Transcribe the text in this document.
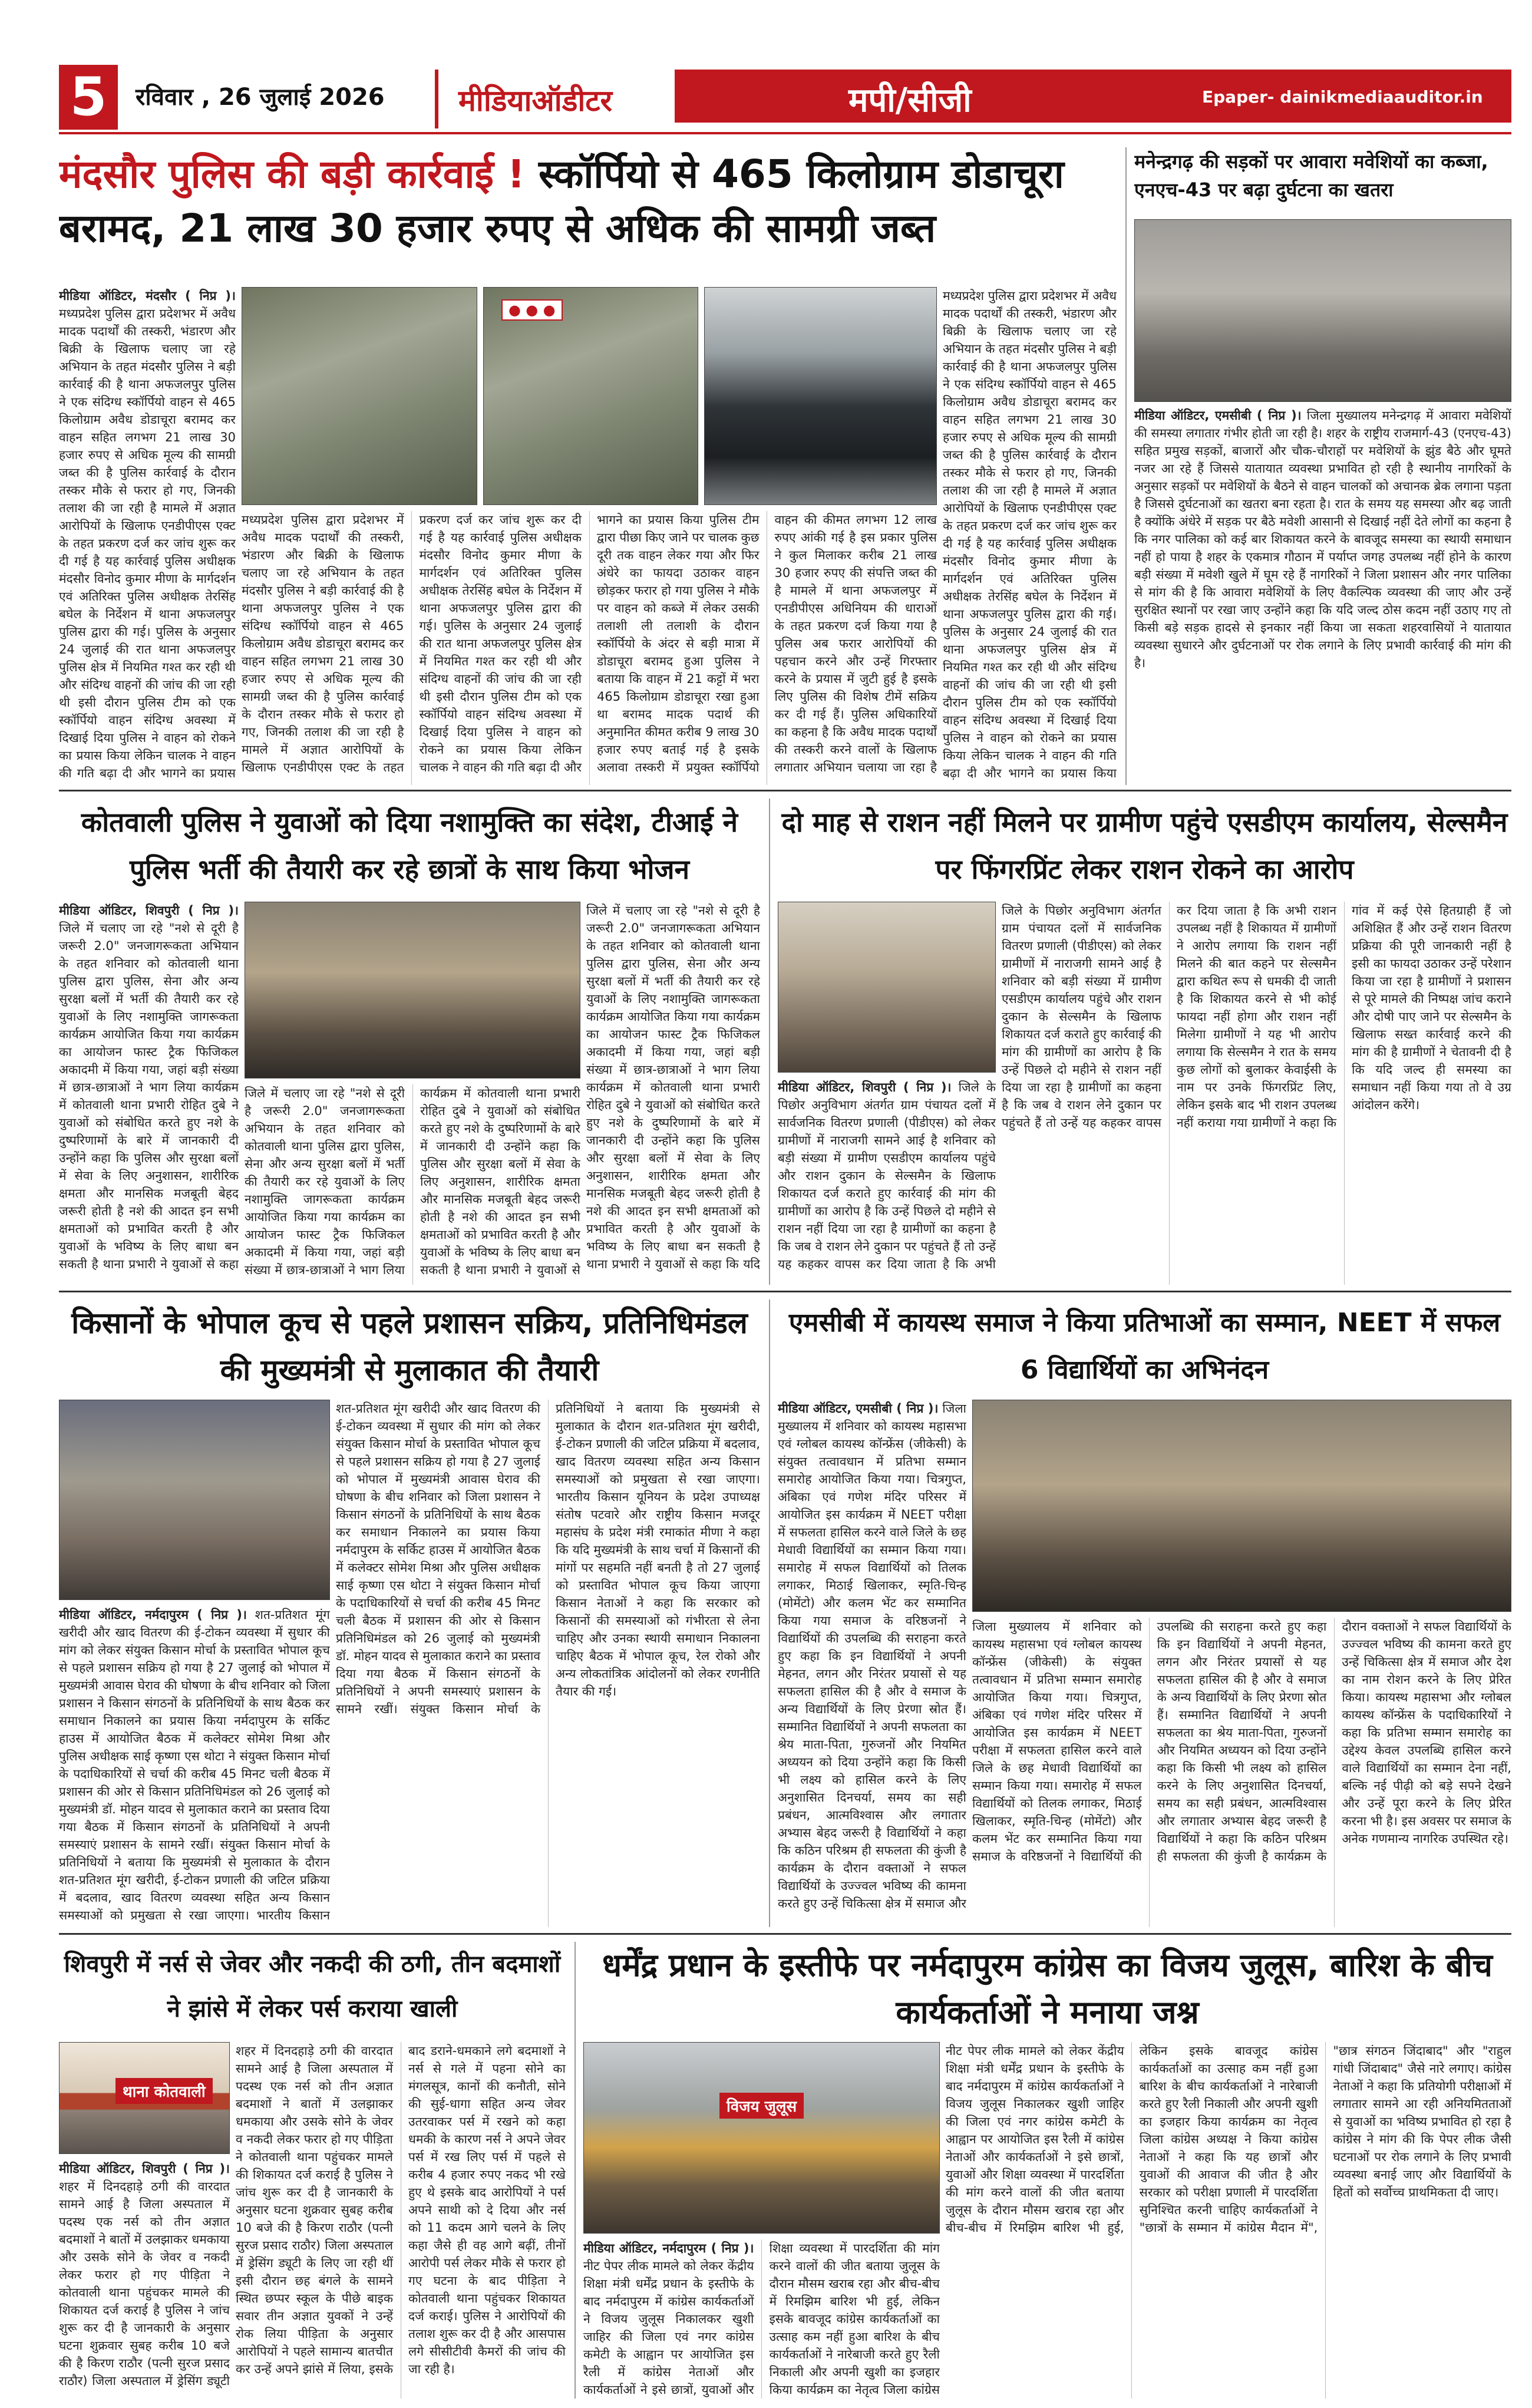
5	रविवार , 26 जुलाई 2026	मीडियाऑडीटर	मपी/सीजी	Epaper- dainikmediaauditor.in
मंदसौर पुलिस की बड़ी कार्रवाई ! स्कॉर्पियो से 465 किलोग्राम डोडाचूरा बरामद, 21 लाख 30 हजार रुपए से अधिक की सामग्री जब्त
● ● ●
मीडिया ऑडिटर, मंदसौर ( निप्र )। मध्यप्रदेश पुलिस द्वारा प्रदेशभर में अवैध मादक पदार्थों की तस्करी, भंडारण और बिक्री के खिलाफ चलाए जा रहे अभियान के तहत मंदसौर पुलिस ने बड़ी कार्रवाई की है थाना अफजलपुर पुलिस ने एक संदिग्ध स्कॉर्पियो वाहन से 465 किलोग्राम अवैध डोडाचूरा बरामद कर वाहन सहित लगभग 21 लाख 30 हजार रुपए से अधिक मूल्य की सामग्री जब्त की है पुलिस कार्रवाई के दौरान तस्कर मौके से फरार हो गए, जिनकी तलाश की जा रही है मामले में अज्ञात आरोपियों के खिलाफ एनडीपीएस एक्ट के तहत प्रकरण दर्ज कर जांच शुरू कर दी गई है यह कार्रवाई पुलिस अधीक्षक मंदसौर विनोद कुमार मीणा के मार्गदर्शन एवं अतिरिक्त पुलिस अधीक्षक तेरसिंह बघेल के निर्देशन में थाना अफजलपुर पुलिस द्वारा की गई। पुलिस के अनुसार 24 जुलाई की रात थाना अफजलपुर पुलिस क्षेत्र में नियमित गश्त कर रही थी और संदिग्ध वाहनों की जांच की जा रही थी इसी दौरान पुलिस टीम को एक स्कॉर्पियो वाहन संदिग्ध अवस्था में दिखाई दिया पुलिस ने वाहन को रोकने का प्रयास किया लेकिन चालक ने वाहन की गति बढ़ा दी और भागने का प्रयास
मध्यप्रदेश पुलिस द्वारा प्रदेशभर में अवैध मादक पदार्थों की तस्करी, भंडारण और बिक्री के खिलाफ चलाए जा रहे अभियान के तहत मंदसौर पुलिस ने बड़ी कार्रवाई की है थाना अफजलपुर पुलिस ने एक संदिग्ध स्कॉर्पियो वाहन से 465 किलोग्राम अवैध डोडाचूरा बरामद कर वाहन सहित लगभग 21 लाख 30 हजार रुपए से अधिक मूल्य की सामग्री जब्त की है पुलिस कार्रवाई के दौरान तस्कर मौके से फरार हो गए, जिनकी तलाश की जा रही है मामले में अज्ञात आरोपियों के खिलाफ एनडीपीएस एक्ट के तहत प्रकरण दर्ज कर जांच शुरू कर दी गई है यह कार्रवाई पुलिस अधीक्षक मंदसौर विनोद कुमार मीणा के मार्गदर्शन एवं अतिरिक्त पुलिस अधीक्षक तेरसिंह बघेल के निर्देशन में थाना अफजलपुर पुलिस द्वारा की गई। पुलिस के अनुसार 24 जुलाई की रात थाना अफजलपुर पुलिस क्षेत्र में नियमित गश्त कर रही थी और संदिग्ध वाहनों की जांच की जा रही थी इसी दौरान पुलिस टीम को एक स्कॉर्पियो वाहन संदिग्ध अवस्था में दिखाई दिया पुलिस ने वाहन को रोकने का प्रयास किया लेकिन चालक ने वाहन की गति बढ़ा दी और भागने का प्रयास किया पुलिस टीम द्वारा पीछा किए जाने पर चालक कुछ दूरी तक वाहन लेकर गया और फिर अंधेरे का फायदा उठाकर वाहन छोड़कर फरार हो गया पुलिस ने मौके पर वाहन को कब्जे में लेकर उसकी तलाशी ली तलाशी के दौरान स्कॉर्पियो के अंदर से बड़ी मात्रा में डोडाचूरा बरामद हुआ पुलिस ने बताया कि वाहन में 21 कट्टों में भरा 465 किलोग्राम डोडाचूरा रखा हुआ था बरामद मादक पदार्थ की अनुमानित कीमत करीब 9 लाख 30 हजार रुपए बताई गई है इसके अलावा तस्करी में प्रयुक्त स्कॉर्पियो वाहन की कीमत लगभग 12 लाख रुपए आंकी गई है इस प्रकार पुलिस ने कुल मिलाकर करीब 21 लाख 30 हजार रुपए की संपत्ति जब्त की है मामले में थाना अफजलपुर में एनडीपीएस अधिनियम की धाराओं के तहत प्रकरण दर्ज किया गया है पुलिस अब फरार आरोपियों की पहचान करने और उन्हें गिरफ्तार करने के प्रयास में जुटी हुई है इसके लिए पुलिस की विशेष टीमें सक्रिय कर दी गई हैं। पुलिस अधिकारियों का कहना है कि अवैध मादक पदार्थों की तस्करी करने वालों के खिलाफ लगातार अभियान चलाया जा रहा है
मध्यप्रदेश पुलिस द्वारा प्रदेशभर में अवैध मादक पदार्थों की तस्करी, भंडारण और बिक्री के खिलाफ चलाए जा रहे अभियान के तहत मंदसौर पुलिस ने बड़ी कार्रवाई की है थाना अफजलपुर पुलिस ने एक संदिग्ध स्कॉर्पियो वाहन से 465 किलोग्राम अवैध डोडाचूरा बरामद कर वाहन सहित लगभग 21 लाख 30 हजार रुपए से अधिक मूल्य की सामग्री जब्त की है पुलिस कार्रवाई के दौरान तस्कर मौके से फरार हो गए, जिनकी तलाश की जा रही है मामले में अज्ञात आरोपियों के खिलाफ एनडीपीएस एक्ट के तहत प्रकरण दर्ज कर जांच शुरू कर दी गई है यह कार्रवाई पुलिस अधीक्षक मंदसौर विनोद कुमार मीणा के मार्गदर्शन एवं अतिरिक्त पुलिस अधीक्षक तेरसिंह बघेल के निर्देशन में थाना अफजलपुर पुलिस द्वारा की गई। पुलिस के अनुसार 24 जुलाई की रात थाना अफजलपुर पुलिस क्षेत्र में नियमित गश्त कर रही थी और संदिग्ध वाहनों की जांच की जा रही थी इसी दौरान पुलिस टीम को एक स्कॉर्पियो वाहन संदिग्ध अवस्था में दिखाई दिया पुलिस ने वाहन को रोकने का प्रयास किया लेकिन चालक ने वाहन की गति बढ़ा दी और भागने का प्रयास किया
मनेन्द्रगढ़ की सड़कों पर आवारा मवेशियों का कब्जा, एनएच-43 पर बढ़ा दुर्घटना का खतरा
मीडिया ऑडिटर, एमसीबी ( निप्र )। जिला मुख्यालय मनेन्द्रगढ़ में आवारा मवेशियों की समस्या लगातार गंभीर होती जा रही है। शहर के राष्ट्रीय राजमार्ग-43 (एनएच-43) सहित प्रमुख सड़कों, बाजारों और चौक-चौराहों पर मवेशियों के झुंड बैठे और घूमते नजर आ रहे हैं जिससे यातायात व्यवस्था प्रभावित हो रही है स्थानीय नागरिकों के अनुसार सड़कों पर मवेशियों के बैठने से वाहन चालकों को अचानक ब्रेक लगाना पड़ता है जिससे दुर्घटनाओं का खतरा बना रहता है। रात के समय यह समस्या और बढ़ जाती है क्योंकि अंधेरे में सड़क पर बैठे मवेशी आसानी से दिखाई नहीं देते लोगों का कहना है कि नगर पालिका को कई बार शिकायत करने के बावजूद समस्या का स्थायी समाधान नहीं हो पाया है शहर के एकमात्र गौठान में पर्याप्त जगह उपलब्ध नहीं होने के कारण बड़ी संख्या में मवेशी खुले में घूम रहे हैं नागरिकों ने जिला प्रशासन और नगर पालिका से मांग की है कि आवारा मवेशियों के लिए वैकल्पिक व्यवस्था की जाए और उन्हें सुरक्षित स्थानों पर रखा जाए उन्होंने कहा कि यदि जल्द ठोस कदम नहीं उठाए गए तो किसी बड़े सड़क हादसे से इनकार नहीं किया जा सकता शहरवासियों ने यातायात व्यवस्था सुधारने और दुर्घटनाओं पर रोक लगाने के लिए प्रभावी कार्रवाई की मांग की है।
कोतवाली पुलिस ने युवाओं को दिया नशामुक्ति का संदेश, टीआई ने पुलिस भर्ती की तैयारी कर रहे छात्रों के साथ किया भोजन
मीडिया ऑडिटर, शिवपुरी ( निप्र )। जिले में चलाए जा रहे "नशे से दूरी है जरूरी 2.0" जनजागरूकता अभियान के तहत शनिवार को कोतवाली थाना पुलिस द्वारा पुलिस, सेना और अन्य सुरक्षा बलों में भर्ती की तैयारी कर रहे युवाओं के लिए नशामुक्ति जागरूकता कार्यक्रम आयोजित किया गया कार्यक्रम का आयोजन फास्ट ट्रैक फिजिकल अकादमी में किया गया, जहां बड़ी संख्या में छात्र-छात्राओं ने भाग लिया कार्यक्रम में कोतवाली थाना प्रभारी रोहित दुबे ने युवाओं को संबोधित करते हुए नशे के दुष्परिणामों के बारे में जानकारी दी उन्होंने कहा कि पुलिस और सुरक्षा बलों में सेवा के लिए अनुशासन, शारीरिक क्षमता और मानसिक मजबूती बेहद जरूरी होती है नशे की आदत इन सभी क्षमताओं को प्रभावित करती है और युवाओं के भविष्य के लिए बाधा बन सकती है थाना प्रभारी ने युवाओं से कहा
जिले में चलाए जा रहे "नशे से दूरी है जरूरी 2.0" जनजागरूकता अभियान के तहत शनिवार को कोतवाली थाना पुलिस द्वारा पुलिस, सेना और अन्य सुरक्षा बलों में भर्ती की तैयारी कर रहे युवाओं के लिए नशामुक्ति जागरूकता कार्यक्रम आयोजित किया गया कार्यक्रम का आयोजन फास्ट ट्रैक फिजिकल अकादमी में किया गया, जहां बड़ी संख्या में छात्र-छात्राओं ने भाग लिया कार्यक्रम में कोतवाली थाना प्रभारी रोहित दुबे ने युवाओं को संबोधित करते हुए नशे के दुष्परिणामों के बारे में जानकारी दी उन्होंने कहा कि पुलिस और सुरक्षा बलों में सेवा के लिए अनुशासन, शारीरिक क्षमता और मानसिक मजबूती बेहद जरूरी होती है नशे की आदत इन सभी क्षमताओं को प्रभावित करती है और युवाओं के भविष्य के लिए बाधा बन सकती है थाना प्रभारी ने युवाओं से
जिले में चलाए जा रहे "नशे से दूरी है जरूरी 2.0" जनजागरूकता अभियान के तहत शनिवार को कोतवाली थाना पुलिस द्वारा पुलिस, सेना और अन्य सुरक्षा बलों में भर्ती की तैयारी कर रहे युवाओं के लिए नशामुक्ति जागरूकता कार्यक्रम आयोजित किया गया कार्यक्रम का आयोजन फास्ट ट्रैक फिजिकल अकादमी में किया गया, जहां बड़ी संख्या में छात्र-छात्राओं ने भाग लिया कार्यक्रम में कोतवाली थाना प्रभारी रोहित दुबे ने युवाओं को संबोधित करते हुए नशे के दुष्परिणामों के बारे में जानकारी दी उन्होंने कहा कि पुलिस और सुरक्षा बलों में सेवा के लिए अनुशासन, शारीरिक क्षमता और मानसिक मजबूती बेहद जरूरी होती है नशे की आदत इन सभी क्षमताओं को प्रभावित करती है और युवाओं के भविष्य के लिए बाधा बन सकती है थाना प्रभारी ने युवाओं से कहा कि यदि
दो माह से राशन नहीं मिलने पर ग्रामीण पहुंचे एसडीएम कार्यालय, सेल्समैन पर फिंगरप्रिंट लेकर राशन रोकने का आरोप
मीडिया ऑडिटर, शिवपुरी ( निप्र )। जिले के पिछोर अनुविभाग अंतर्गत ग्राम पंचायत दलों में सार्वजनिक वितरण प्रणाली (पीडीएस) को लेकर ग्रामीणों में नाराजगी सामने आई है शनिवार को बड़ी संख्या में ग्रामीण एसडीएम कार्यालय पहुंचे और राशन दुकान के सेल्समैन के खिलाफ शिकायत दर्ज कराते हुए कार्रवाई की मांग की ग्रामीणों का आरोप है कि उन्हें पिछले दो महीने से राशन नहीं दिया जा रहा है ग्रामीणों का कहना है कि जब वे राशन लेने दुकान पर पहुंचते हैं तो उन्हें यह कहकर वापस कर दिया जाता है कि अभी
जिले के पिछोर अनुविभाग अंतर्गत ग्राम पंचायत दलों में सार्वजनिक वितरण प्रणाली (पीडीएस) को लेकर ग्रामीणों में नाराजगी सामने आई है शनिवार को बड़ी संख्या में ग्रामीण एसडीएम कार्यालय पहुंचे और राशन दुकान के सेल्समैन के खिलाफ शिकायत दर्ज कराते हुए कार्रवाई की मांग की ग्रामीणों का आरोप है कि उन्हें पिछले दो महीने से राशन नहीं दिया जा रहा है ग्रामीणों का कहना है कि जब वे राशन लेने दुकान पर पहुंचते हैं तो उन्हें यह कहकर वापस कर दिया जाता है कि अभी राशन उपलब्ध नहीं है शिकायत में ग्रामीणों ने आरोप लगाया कि राशन नहीं मिलने की बात कहने पर सेल्समैन द्वारा कथित रूप से धमकी दी जाती है कि शिकायत करने से भी कोई फायदा नहीं होगा और राशन नहीं मिलेगा ग्रामीणों ने यह भी आरोप लगाया कि सेल्समैन ने रात के समय कुछ लोगों को बुलाकर केवाईसी के नाम पर उनके फिंगरप्रिंट लिए, लेकिन इसके बाद भी राशन उपलब्ध नहीं कराया गया ग्रामीणों ने कहा कि गांव में कई ऐसे हितग्राही हैं जो अशिक्षित हैं और उन्हें राशन वितरण प्रक्रिया की पूरी जानकारी नहीं है इसी का फायदा उठाकर उन्हें परेशान किया जा रहा है ग्रामीणों ने प्रशासन से पूरे मामले की निष्पक्ष जांच कराने और दोषी पाए जाने पर सेल्समैन के खिलाफ सख्त कार्रवाई करने की मांग की है ग्रामीणों ने चेतावनी दी है कि यदि जल्द ही समस्या का समाधान नहीं किया गया तो वे उग्र आंदोलन करेंगे।
किसानों के भोपाल कूच से पहले प्रशासन सक्रिय, प्रतिनिधिमंडल की मुख्यमंत्री से मुलाकात की तैयारी
मीडिया ऑडिटर, नर्मदापुरम ( निप्र )। शत-प्रतिशत मूंग खरीदी और खाद वितरण की ई-टोकन व्यवस्था में सुधार की मांग को लेकर संयुक्त किसान मोर्चा के प्रस्तावित भोपाल कूच से पहले प्रशासन सक्रिय हो गया है 27 जुलाई को भोपाल में मुख्यमंत्री आवास घेराव की घोषणा के बीच शनिवार को जिला प्रशासन ने किसान संगठनों के प्रतिनिधियों के साथ बैठक कर समाधान निकालने का प्रयास किया नर्मदापुरम के सर्किट हाउस में आयोजित बैठक में कलेक्टर सोमेश मिश्रा और पुलिस अधीक्षक साई कृष्णा एस थोटा ने संयुक्त किसान मोर्चा के पदाधिकारियों से चर्चा की करीब 45 मिनट चली बैठक में प्रशासन की ओर से किसान प्रतिनिधिमंडल को 26 जुलाई को मुख्यमंत्री डॉ. मोहन यादव से मुलाकात कराने का प्रस्ताव दिया गया बैठक में किसान संगठनों के प्रतिनिधियों ने अपनी समस्याएं प्रशासन के सामने रखीं। संयुक्त किसान मोर्चा के प्रतिनिधियों ने बताया कि मुख्यमंत्री से मुलाकात के दौरान शत-प्रतिशत मूंग खरीदी, ई-टोकन प्रणाली की जटिल प्रक्रिया में बदलाव, खाद वितरण व्यवस्था सहित अन्य किसान समस्याओं को प्रमुखता से रखा जाएगा। भारतीय किसान
शत-प्रतिशत मूंग खरीदी और खाद वितरण की ई-टोकन व्यवस्था में सुधार की मांग को लेकर संयुक्त किसान मोर्चा के प्रस्तावित भोपाल कूच से पहले प्रशासन सक्रिय हो गया है 27 जुलाई को भोपाल में मुख्यमंत्री आवास घेराव की घोषणा के बीच शनिवार को जिला प्रशासन ने किसान संगठनों के प्रतिनिधियों के साथ बैठक कर समाधान निकालने का प्रयास किया नर्मदापुरम के सर्किट हाउस में आयोजित बैठक में कलेक्टर सोमेश मिश्रा और पुलिस अधीक्षक साई कृष्णा एस थोटा ने संयुक्त किसान मोर्चा के पदाधिकारियों से चर्चा की करीब 45 मिनट चली बैठक में प्रशासन की ओर से किसान प्रतिनिधिमंडल को 26 जुलाई को मुख्यमंत्री डॉ. मोहन यादव से मुलाकात कराने का प्रस्ताव दिया गया बैठक में किसान संगठनों के प्रतिनिधियों ने अपनी समस्याएं प्रशासन के सामने रखीं। संयुक्त किसान मोर्चा के प्रतिनिधियों ने बताया कि मुख्यमंत्री से मुलाकात के दौरान शत-प्रतिशत मूंग खरीदी, ई-टोकन प्रणाली की जटिल प्रक्रिया में बदलाव, खाद वितरण व्यवस्था सहित अन्य किसान समस्याओं को प्रमुखता से रखा जाएगा। भारतीय किसान यूनियन के प्रदेश उपाध्यक्ष संतोष पटवारे और राष्ट्रीय किसान मजदूर महासंघ के प्रदेश मंत्री रमाकांत मीणा ने कहा कि यदि मुख्यमंत्री के साथ चर्चा में किसानों की मांगों पर सहमति नहीं बनती है तो 27 जुलाई को प्रस्तावित भोपाल कूच किया जाएगा किसान नेताओं ने कहा कि सरकार को किसानों की समस्याओं को गंभीरता से लेना चाहिए और उनका स्थायी समाधान निकालना चाहिए बैठक में भोपाल कूच, रेल रोको और अन्य लोकतांत्रिक आंदोलनों को लेकर रणनीति तैयार की गई।
एमसीबी में कायस्थ समाज ने किया प्रतिभाओं का सम्मान, NEET में सफल 6 विद्यार्थियों का अभिनंदन
मीडिया ऑडिटर, एमसीबी ( निप्र )। जिला मुख्यालय में शनिवार को कायस्थ महासभा एवं ग्लोबल कायस्थ कॉन्फ्रेंस (जीकेसी) के संयुक्त तत्वावधान में प्रतिभा सम्मान समारोह आयोजित किया गया। चित्रगुप्त, अंबिका एवं गणेश मंदिर परिसर में आयोजित इस कार्यक्रम में NEET परीक्षा में सफलता हासिल करने वाले जिले के छह मेधावी विद्यार्थियों का सम्मान किया गया। समारोह में सफल विद्यार्थियों को तिलक लगाकर, मिठाई खिलाकर, स्मृति-चिन्ह (मोमेंटो) और कलम भेंट कर सम्मानित किया गया समाज के वरिष्ठजनों ने विद्यार्थियों की उपलब्धि की सराहना करते हुए कहा कि इन विद्यार्थियों ने अपनी मेहनत, लगन और निरंतर प्रयासों से यह सफलता हासिल की है और वे समाज के अन्य विद्यार्थियों के लिए प्रेरणा स्रोत हैं। सम्मानित विद्यार्थियों ने अपनी सफलता का श्रेय माता-पिता, गुरुजनों और नियमित अध्ययन को दिया उन्होंने कहा कि किसी भी लक्ष्य को हासिल करने के लिए अनुशासित दिनचर्या, समय का सही प्रबंधन, आत्मविश्वास और लगातार अभ्यास बेहद जरूरी है विद्यार्थियों ने कहा कि कठिन परिश्रम ही सफलता की कुंजी है कार्यक्रम के दौरान वक्ताओं ने सफल विद्यार्थियों के उज्ज्वल भविष्य की कामना करते हुए उन्हें चिकित्सा क्षेत्र में समाज और
जिला मुख्यालय में शनिवार को कायस्थ महासभा एवं ग्लोबल कायस्थ कॉन्फ्रेंस (जीकेसी) के संयुक्त तत्वावधान में प्रतिभा सम्मान समारोह आयोजित किया गया। चित्रगुप्त, अंबिका एवं गणेश मंदिर परिसर में आयोजित इस कार्यक्रम में NEET परीक्षा में सफलता हासिल करने वाले जिले के छह मेधावी विद्यार्थियों का सम्मान किया गया। समारोह में सफल विद्यार्थियों को तिलक लगाकर, मिठाई खिलाकर, स्मृति-चिन्ह (मोमेंटो) और कलम भेंट कर सम्मानित किया गया समाज के वरिष्ठजनों ने विद्यार्थियों की उपलब्धि की सराहना करते हुए कहा कि इन विद्यार्थियों ने अपनी मेहनत, लगन और निरंतर प्रयासों से यह सफलता हासिल की है और वे समाज के अन्य विद्यार्थियों के लिए प्रेरणा स्रोत हैं। सम्मानित विद्यार्थियों ने अपनी सफलता का श्रेय माता-पिता, गुरुजनों और नियमित अध्ययन को दिया उन्होंने कहा कि किसी भी लक्ष्य को हासिल करने के लिए अनुशासित दिनचर्या, समय का सही प्रबंधन, आत्मविश्वास और लगातार अभ्यास बेहद जरूरी है विद्यार्थियों ने कहा कि कठिन परिश्रम ही सफलता की कुंजी है कार्यक्रम के दौरान वक्ताओं ने सफल विद्यार्थियों के उज्ज्वल भविष्य की कामना करते हुए उन्हें चिकित्सा क्षेत्र में समाज और देश का नाम रोशन करने के लिए प्रेरित किया। कायस्थ महासभा और ग्लोबल कायस्थ कॉन्फ्रेंस के पदाधिकारियों ने कहा कि प्रतिभा सम्मान समारोह का उद्देश्य केवल उपलब्धि हासिल करने वाले विद्यार्थियों का सम्मान देना नहीं, बल्कि नई पीढ़ी को बड़े सपने देखने और उन्हें पूरा करने के लिए प्रेरित करना भी है। इस अवसर पर समाज के अनेक गणमान्य नागरिक उपस्थित रहे।
शिवपुरी में नर्स से जेवर और नकदी की ठगी, तीन बदमाशों ने झांसे में लेकर पर्स कराया खाली
थाना कोतवाली
मीडिया ऑडिटर, शिवपुरी ( निप्र )। शहर में दिनदहाड़े ठगी की वारदात सामने आई है जिला अस्पताल में पदस्थ एक नर्स को तीन अज्ञात बदमाशों ने बातों में उलझाकर धमकाया और उसके सोने के जेवर व नकदी लेकर फरार हो गए पीड़िता ने कोतवाली थाना पहुंचकर मामले की शिकायत दर्ज कराई है पुलिस ने जांच शुरू कर दी है जानकारी के अनुसार घटना शुक्रवार सुबह करीब 10 बजे की है किरण राठौर (पत्नी सुरज प्रसाद राठौर) जिला अस्पताल में ड्रेसिंग ड्यूटी
शहर में दिनदहाड़े ठगी की वारदात सामने आई है जिला अस्पताल में पदस्थ एक नर्स को तीन अज्ञात बदमाशों ने बातों में उलझाकर धमकाया और उसके सोने के जेवर व नकदी लेकर फरार हो गए पीड़िता ने कोतवाली थाना पहुंचकर मामले की शिकायत दर्ज कराई है पुलिस ने जांच शुरू कर दी है जानकारी के अनुसार घटना शुक्रवार सुबह करीब 10 बजे की है किरण राठौर (पत्नी सुरज प्रसाद राठौर) जिला अस्पताल में ड्रेसिंग ड्यूटी के लिए जा रही थीं इसी दौरान छह बंगले के सामने स्थित छप्पर स्कूल के पीछे बाइक सवार तीन अज्ञात युवकों ने उन्हें रोक लिया पीड़िता के अनुसार आरोपियों ने पहले सामान्य बातचीत कर उन्हें अपने झांसे में लिया, इसके बाद डराने-धमकाने लगे बदमाशों ने नर्स से गले में पहना सोने का मंगलसूत्र, कानों की कनौती, सोने की सुई-धागा सहित अन्य जेवर उतरवाकर पर्स में रखने को कहा धमकी के कारण नर्स ने अपने जेवर पर्स में रख लिए पर्स में पहले से करीब 4 हजार रुपए नकद भी रखे हुए थे इसके बाद आरोपियों ने पर्स अपने साथी को दे दिया और नर्स को 11 कदम आगे चलने के लिए कहा जैसे ही वह आगे बढ़ीं, तीनों आरोपी पर्स लेकर मौके से फरार हो गए घटना के बाद पीड़िता ने कोतवाली थाना पहुंचकर शिकायत दर्ज कराई। पुलिस ने आरोपियों की तलाश शुरू कर दी है और आसपास लगे सीसीटीवी कैमरों की जांच की जा रही है।
धर्मेंद्र प्रधान के इस्तीफे पर नर्मदापुरम कांग्रेस का विजय जुलूस, बारिश के बीच कार्यकर्ताओं ने मनाया जश्न
विजय जुलूस
मीडिया ऑडिटर, नर्मदापुरम ( निप्र )। नीट पेपर लीक मामले को लेकर केंद्रीय शिक्षा मंत्री धर्मेंद्र प्रधान के इस्तीफे के बाद नर्मदापुरम में कांग्रेस कार्यकर्ताओं ने विजय जुलूस निकालकर खुशी जाहिर की जिला एवं नगर कांग्रेस कमेटी के आह्वान पर आयोजित इस रैली में कांग्रेस नेताओं और कार्यकर्ताओं ने इसे छात्रों, युवाओं और शिक्षा व्यवस्था में पारदर्शिता की मांग करने वालों की जीत बताया जुलूस के दौरान मौसम खराब रहा और बीच-बीच में रिमझिम बारिश भी हुई, लेकिन इसके बावजूद कांग्रेस कार्यकर्ताओं का उत्साह कम नहीं हुआ बारिश के बीच कार्यकर्ताओं ने नारेबाजी करते हुए रैली निकाली और अपनी खुशी का इजहार किया कार्यक्रम का नेतृत्व जिला कांग्रेस
नीट पेपर लीक मामले को लेकर केंद्रीय शिक्षा मंत्री धर्मेंद्र प्रधान के इस्तीफे के बाद नर्मदापुरम में कांग्रेस कार्यकर्ताओं ने विजय जुलूस निकालकर खुशी जाहिर की जिला एवं नगर कांग्रेस कमेटी के आह्वान पर आयोजित इस रैली में कांग्रेस नेताओं और कार्यकर्ताओं ने इसे छात्रों, युवाओं और शिक्षा व्यवस्था में पारदर्शिता की मांग करने वालों की जीत बताया जुलूस के दौरान मौसम खराब रहा और बीच-बीच में रिमझिम बारिश भी हुई, लेकिन इसके बावजूद कांग्रेस कार्यकर्ताओं का उत्साह कम नहीं हुआ बारिश के बीच कार्यकर्ताओं ने नारेबाजी करते हुए रैली निकाली और अपनी खुशी का इजहार किया कार्यक्रम का नेतृत्व जिला कांग्रेस अध्यक्ष ने किया कांग्रेस नेताओं ने कहा कि यह छात्रों और युवाओं की आवाज की जीत है और सरकार को परीक्षा प्रणाली में पारदर्शिता सुनिश्चित करनी चाहिए कार्यकर्ताओं ने "छात्रों के सम्मान में कांग्रेस मैदान में", "छात्र संगठन जिंदाबाद" और "राहुल गांधी जिंदाबाद" जैसे नारे लगाए। कांग्रेस नेताओं ने कहा कि प्रतियोगी परीक्षाओं में लगातार सामने आ रही अनियमितताओं से युवाओं का भविष्य प्रभावित हो रहा है कांग्रेस ने मांग की कि पेपर लीक जैसी घटनाओं पर रोक लगाने के लिए प्रभावी व्यवस्था बनाई जाए और विद्यार्थियों के हितों को सर्वोच्च प्राथमिकता दी जाए।
